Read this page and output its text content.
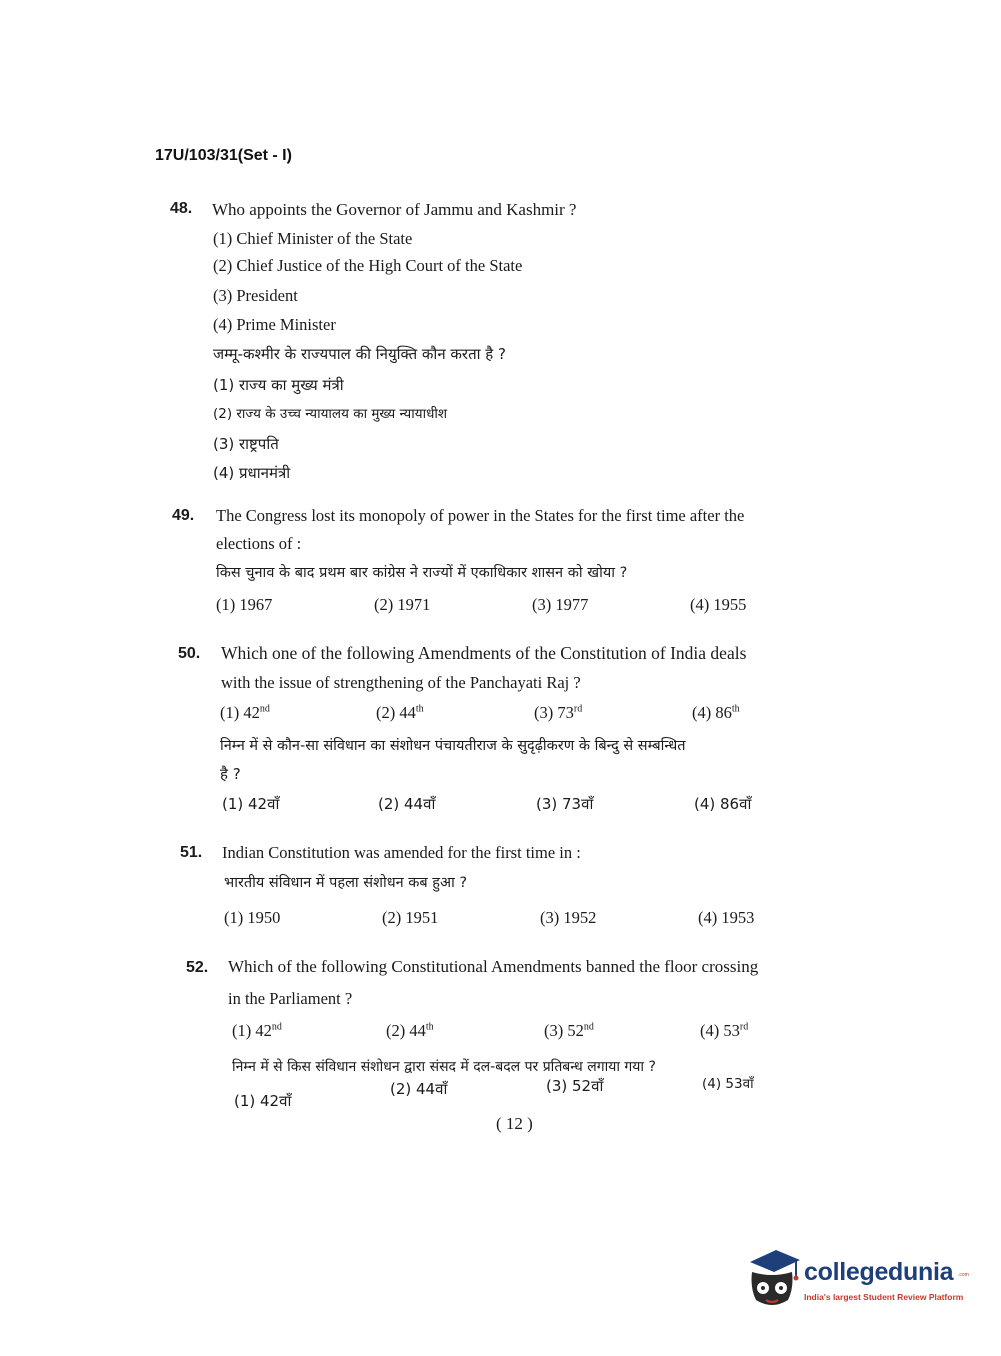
17U/103/31(Set - I)
48. Who appoints the Governor of Jammu and Kashmir ?
(1) Chief Minister of the State
(2) Chief Justice of the High Court of the State
(3) President
(4) Prime Minister
जम्मू-कश्मीर के राज्यपाल की नियुक्ति कौन करता है ?
(1) राज्य का मुख्य मंत्री
(2) राज्य के उच्च न्यायालय का मुख्य न्यायाधीश
(3) राष्ट्रपति
(4) प्रधानमंत्री
49. The Congress lost its monopoly of power in the States for the first time after the
elections of :
किस चुनाव के बाद प्रथम बार कांग्रेस ने राज्यों में एकाधिकार शासन को खोया ?
(1) 1967	(2) 1971	(3) 1977	(4) 1955
50. Which one of the following Amendments of the Constitution of India deals
with the issue of strengthening of the Panchayati Raj ?
(1) 42nd	(2) 44th	(3) 73rd	(4) 86th
निम्न में से कौन-सा संविधान का संशोधन पंचायतीराज के सुदृढ़ीकरण के बिन्दु से सम्बन्धित
है ?
(1) 42वाँ	(2) 44वाँ	(3) 73वाँ	(4) 86वाँ
51. Indian Constitution was amended for the first time in :
भारतीय संविधान में पहला संशोधन कब हुआ ?
(1) 1950	(2) 1951	(3) 1952	(4) 1953
52. Which of the following Constitutional Amendments banned the floor crossing
in the Parliament ?
(1) 42nd	(2) 44th	(3) 52nd	(4) 53rd
निम्न में से किस संविधान संशोधन द्वारा संसद में दल-बदल पर प्रतिबन्ध लगाया गया ?
(1) 42वाँ
(2) 44वाँ	(3) 52वाँ	(4) 53वाँ
( 12 )
collegedunia .com
India's largest Student Review Platform
